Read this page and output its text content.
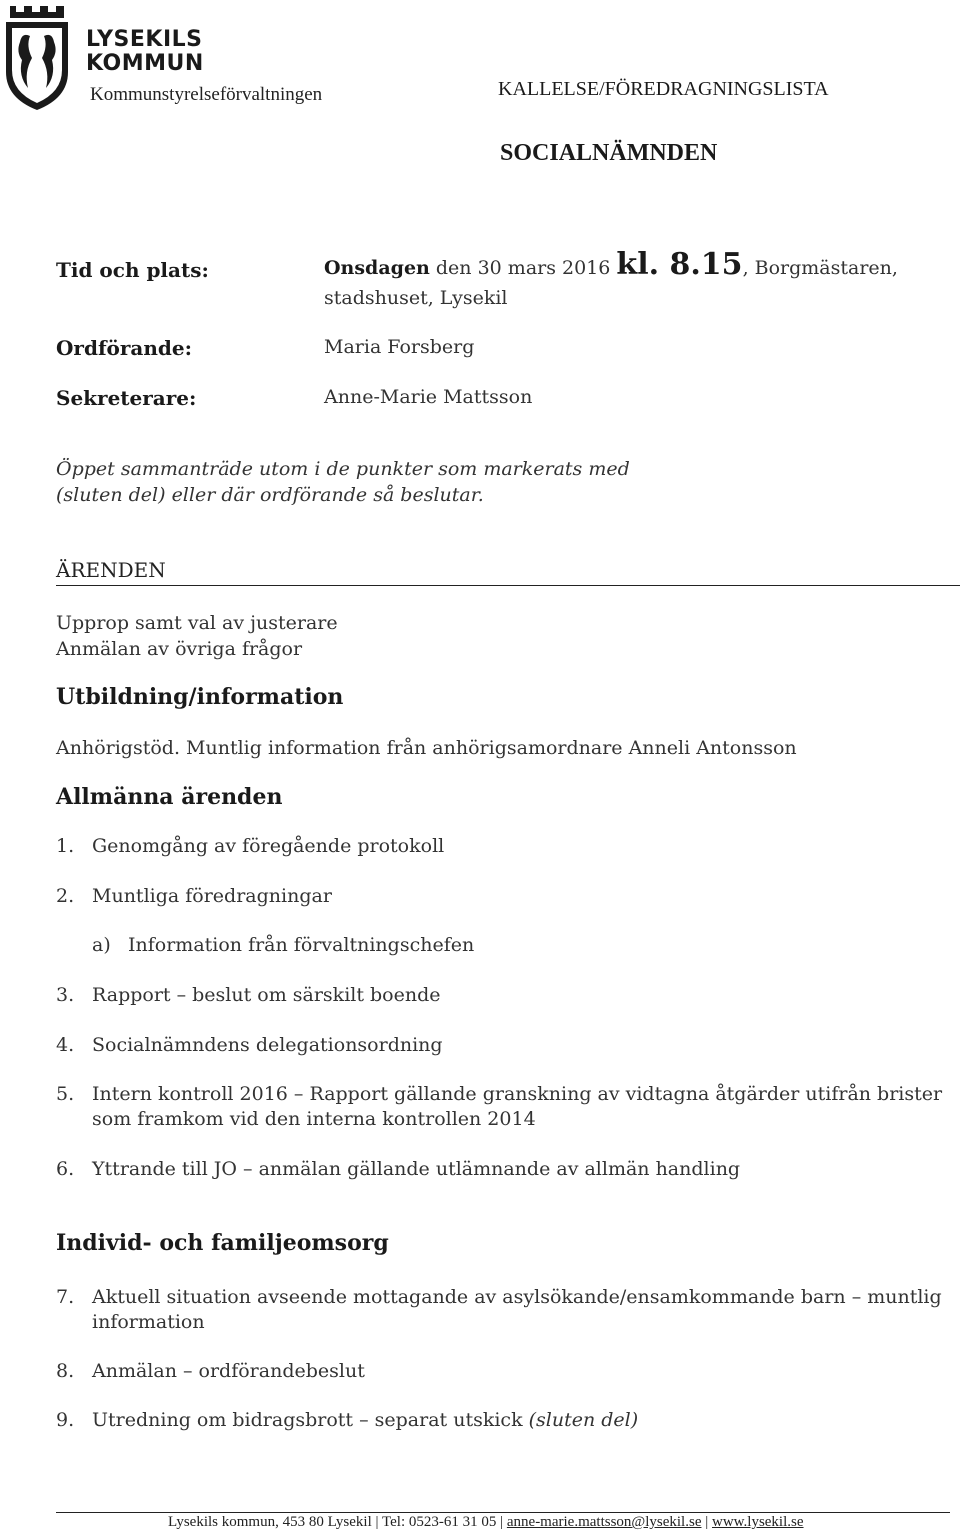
LYSEKILS
KOMMUN
Kommunstyrelseförvaltningen	KALLELSE/FÖREDRAGNINGSLISTA
SOCIALNÄMNDEN
Tid och plats:	Onsdagen den 30 mars 2016 kl. 8.15, Borgmästaren,
stadshuset, Lysekil
Ordförande:	Maria Forsberg
Sekreterare:	Anne-Marie Mattsson
Öppet sammanträde utom i de punkter som markerats med
(sluten del) eller där ordförande så beslutar.
ÄRENDEN
Upprop samt val av justerare
Anmälan av övriga frågor
Utbildning/information
Anhörigstöd. Muntlig information från anhörigsamordnare Anneli Antonsson
Allmänna ärenden
1. Genomgång av föregående protokoll
2. Muntliga föredragningar
a) Information från förvaltningschefen
3. Rapport – beslut om särskilt boende
4. Socialnämndens delegationsordning
5. Intern kontroll 2016 – Rapport gällande granskning av vidtagna åtgärder utifrån brister som framkom vid den interna kontrollen 2014
6. Yttrande till JO – anmälan gällande utlämnande av allmän handling
Individ- och familjeomsorg
7. Aktuell situation avseende mottagande av asylsökande/ensamkommande barn – muntlig information
8. Anmälan – ordförandebeslut
9. Utredning om bidragsbrott – separat utskick (sluten del)
Lysekils kommun, 453 80 Lysekil | Tel: 0523-61 31 05 | anne-marie.mattsson@lysekil.se | www.lysekil.se
